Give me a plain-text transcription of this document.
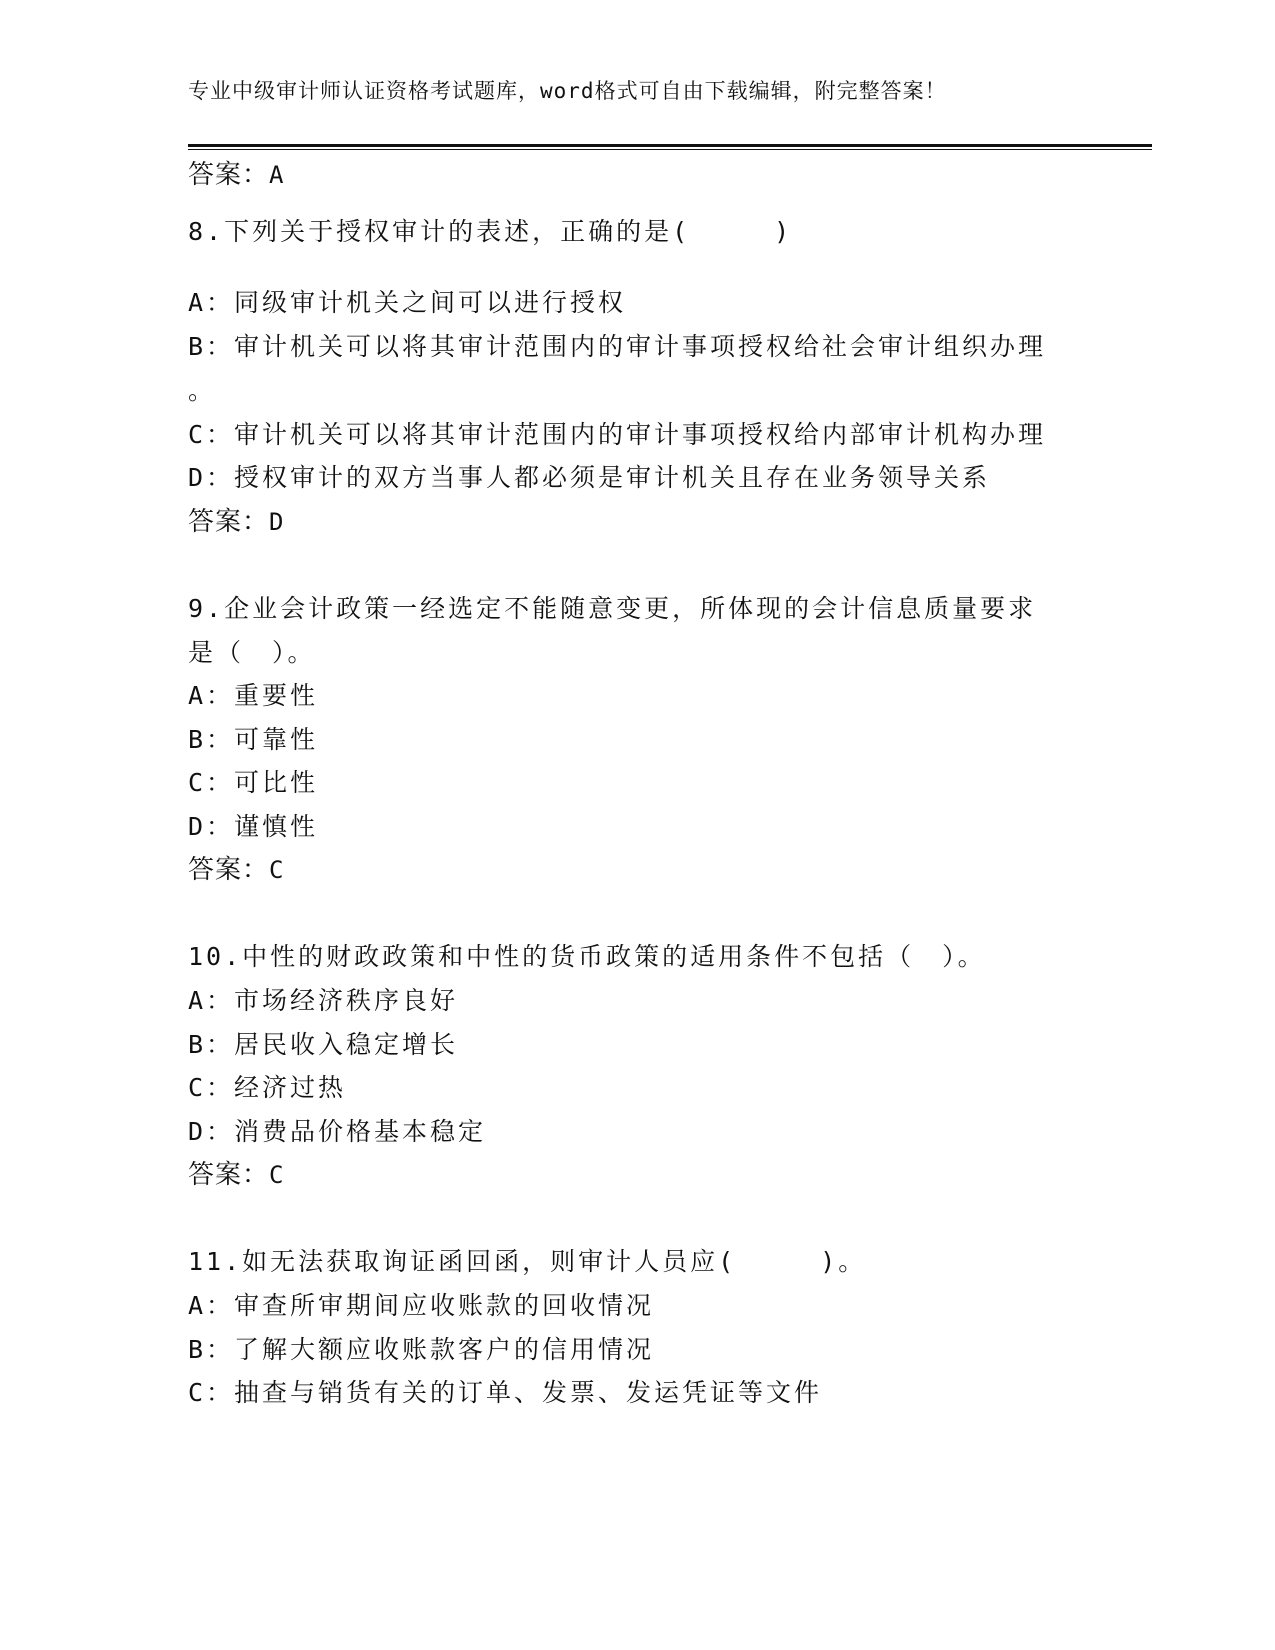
专业中级审计师认证资格考试题库，word格式可自由下载编辑，附完整答案！
答案：A
8.下列关于授权审计的表述，正确的是(　　　)
A：同级审计机关之间可以进行授权
B：审计机关可以将其审计范围内的审计事项授权给社会审计组织办理
。
C：审计机关可以将其审计范围内的审计事项授权给内部审计机构办理
D：授权审计的双方当事人都必须是审计机关且存在业务领导关系
答案：D
9.企业会计政策一经选定不能随意变更，所体现的会计信息质量要求
是（　）。
A：重要性
B：可靠性
C：可比性
D：谨慎性
答案：C
10.中性的财政政策和中性的货币政策的适用条件不包括（　）。
A：市场经济秩序良好
B：居民收入稳定增长
C：经济过热
D：消费品价格基本稳定
答案：C
11.如无法获取询证函回函，则审计人员应(　　　)。
A：审查所审期间应收账款的回收情况
B：了解大额应收账款客户的信用情况
C：抽查与销货有关的订单、发票、发运凭证等文件
